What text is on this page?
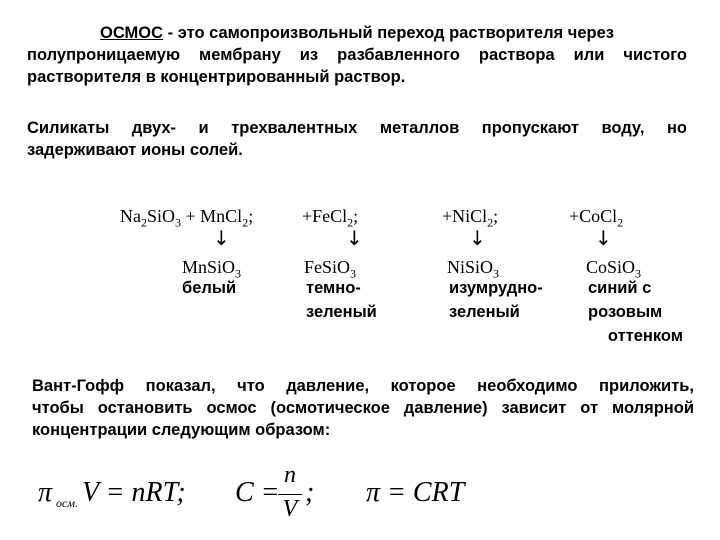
ОСМОС - это самопроизвольный переход растворителя через
полупроницаемую мембрану из разбавленного раствора или чистого
растворителя в концентрированный раствор.
Силикаты двух- и трехвалентных металлов пропускают воду, но
задерживают ионы солей.
$Na_2SiO_3$ + MnCl$_2$;
↓
MnSiO$_3$
белый
+FeCl$_2$;
↓
FeSiO$_3$
темно-
зеленый
+NiCl$_2$;
↓
NiSiO$_3$
изумрудно-
зеленый
+CoCl$_2$
↓
CoSiO$_3$
синий с
розовым
оттенком
Вант-Гофф показал, что давление, которое необходимо приложить,
чтобы остановить осмос (осмотическое давление) зависит от молярной
концентрации следующим образом:
π осм. V = nRT; C =
n
V
; π = CRT
